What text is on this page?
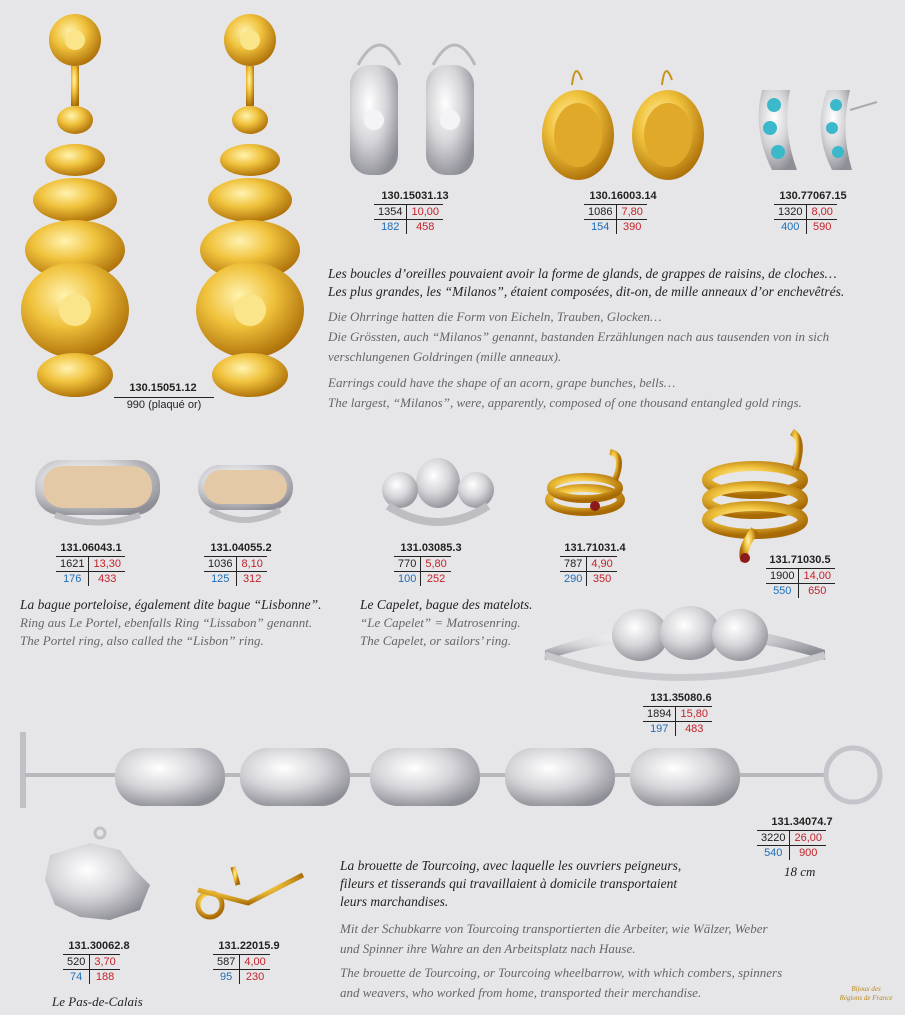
130.15031.13
1354	10,00
182	458
130.16003.14
1086	7,80
154	390
130.77067.15
1320	8,00
400	590
130.15051.12
990 (plaqué or)
Les boucles d’oreilles pouvaient avoir la forme de glands, de grappes de raisins, de cloches…
Les plus grandes, les “Milanos”, étaient composées, dit-on, de mille anneaux d’or enchevêtrés.
Die Ohrringe hatten die Form von Eicheln, Trauben, Glocken…
Die Grössten, auch “Milanos” genannt, bastanden Erzählungen nach aus tausenden von in sich
verschlungenen Goldringen (mille anneaux).
Earrings could have the shape of an acorn, grape bunches, bells…
The largest, “Milanos”, were, apparently, composed of one thousand entangled gold rings.
131.06043.1
1621	13,30
176	433
131.04055.2
1036	8,10
125	312
131.03085.3
770	5,80
100	252
131.71031.4
787	4,90
290	350
131.71030.5
1900	14,00
550	650
La bague porteloise, également dite bague “Lisbonne”.
Ring aus Le Portel, ebenfalls Ring “Lissabon” genannt.
The Portel ring, also called the “Lisbon” ring.
Le Capelet, bague des matelots.
“Le Capelet” = Matrosenring.
The Capelet, or sailors’ ring.
131.35080.6
1894	15,80
197	483
131.34074.7
3220	26,00
540	900
18 cm
131.30062.8
520	3,70
74	188
Le Pas-de-Calais
131.22015.9
587	4,00
95	230
La brouette de Tourcoing, avec laquelle les ouvriers peigneurs,
fileurs et tisserands qui travaillaient à domicile transportaient
leurs marchandises.
Mit der Schubkarre von Tourcoing transportierten die Arbeiter, wie Wälzer, Weber
und Spinner ihre Wahre an den Arbeitsplatz nach Hause.
The brouette de Tourcoing, or Tourcoing wheelbarrow, with which combers, spinners
and weavers, who worked from home, transported their merchandise.	Bijoux des
Régions de France
